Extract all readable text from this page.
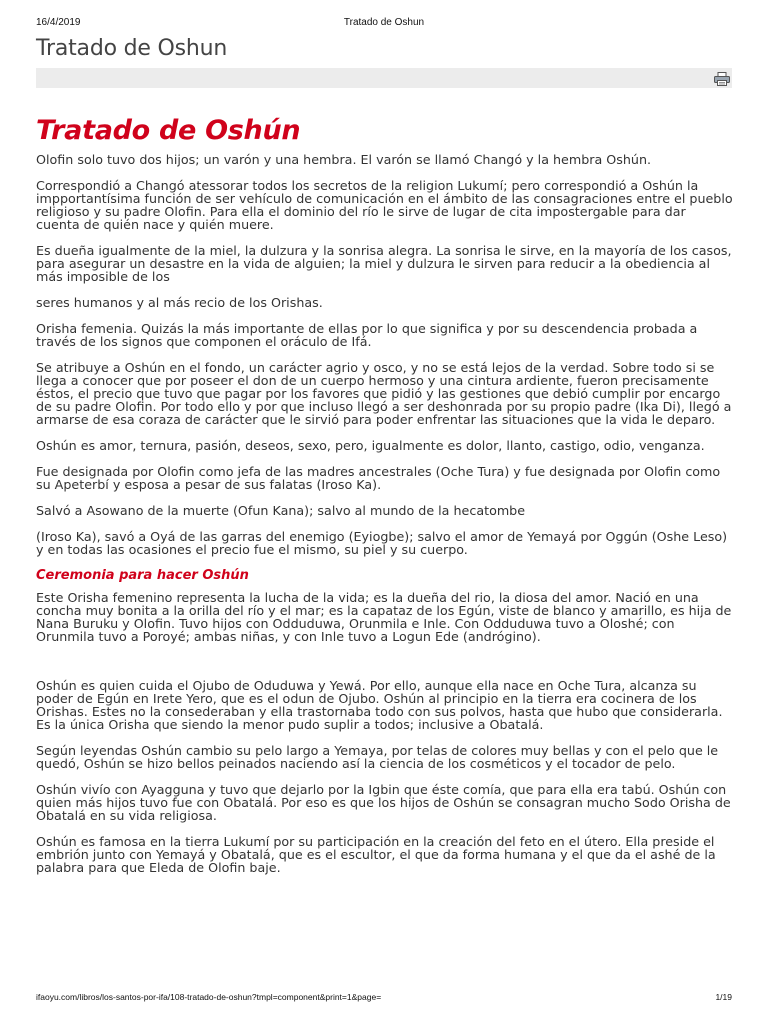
16/4/2019	Tratado de Oshun
Tratado de Oshun
Tratado de Oshún

Olofin solo tuvo dos hijos; un varón y una hembra. El varón se llamó Changó y la hembra Oshún.

Correspondió a Changó atessorar todos los secretos de la religion Lukumí; pero correspondió a Oshún la impportantísima función de ser vehículo de comunicación en el ámbito de las consagraciones entre el pueblo religioso y su padre Olofin. Para ella el dominio del río le sirve de lugar de cita impostergable para dar cuenta de quién nace y quién muere.

Es dueña igualmente de la miel, la dulzura y la sonrisa alegra. La sonrisa le sirve, en la mayoría de los casos, para asegurar un desastre en la vida de alguien; la miel y dulzura le sirven para reducir a la obediencia al más imposible de los

seres humanos y al más recio de los Orishas.

Orisha femenia. Quizás la más importante de ellas por lo que significa y por su descendencia probada a través de los signos que componen el oráculo de Ifá.

Se atribuye a Oshún en el fondo, un carácter agrio y osco, y no se está lejos de la verdad. Sobre todo si se llega a conocer que por poseer el don de un cuerpo hermoso y una cintura ardiente, fueron precisamente éstos, el precio que tuvo que pagar por los favores que pidió y las gestiones que debió cumplir por encargo de su padre Olofin. Por todo ello y por que incluso llegó a ser deshonrada por su propio padre (Ika Di), llegó a armarse de esa coraza de carácter que le sirvió para poder enfrentar las situaciones que la vida le deparo.

Oshún es amor, ternura, pasión, deseos, sexo, pero, igualmente es dolor, llanto, castigo, odio, venganza.

Fue designada por Olofin como jefa de las madres ancestrales (Oche Tura) y fue designada por Olofin como su Apeterbí y esposa a pesar de sus falatas (Iroso Ka).

Salvó a Asowano de la muerte (Ofun Kana); salvo al mundo de la hecatombe

(Iroso Ka), savó a Oyá de las garras del enemigo (Eyiogbe); salvo el amor de Yemayá por Oggún (Oshe Leso) y en todas las ocasiones el precio fue el mismo, su piel y su cuerpo.

Ceremonia para hacer Oshún

Este Orisha femenino representa la lucha de la vida; es la dueña del rio, la diosa del amor. Nació en una concha muy bonita a la orilla del río y el mar; es la capataz de los Egún, viste de blanco y amarillo, es hija de Nana Buruku y Olofin. Tuvo hijos con Odduduwa, Orunmila e Inle. Con Odduduwa tuvo a Oloshé; con Orunmila tuvo a Poroyé; ambas niñas, y con Inle tuvo a Logun Ede (andrógino).

Oshún es quien cuida el Ojubo de Oduduwa y Yewá. Por ello, aunque ella nace en Oche Tura, alcanza su poder de Egún en Irete Yero, que es el odun de Ojubo. Oshún al principio en la tierra era cocinera de los Orishas. Estes no la consederaban y ella trastornaba todo con sus polvos, hasta que hubo que considerarla. Es la única Orisha que siendo la menor pudo suplir a todos; inclusive a Obatalá.

Según leyendas Oshún cambio su pelo largo a Yemaya, por telas de colores muy bellas y con el pelo que le quedó, Oshún se hizo bellos peinados naciendo así la ciencia de los cosméticos y el tocador de pelo.

Oshún vivío con Ayagguna y tuvo que dejarlo por la Igbin que éste comía, que para ella era tabú. Oshún con quien más hijos tuvo fue con Obatalá. Por eso es que los hijos de Oshún se consagran mucho Sodo Orisha de Obatalá en su vida religiosa.

Oshún es famosa en la tierra Lukumí por su participación en la creación del feto en el útero. Ella preside el embrión junto con Yemayá y Obatalá, que es el escultor, el que da forma humana y el que da el ashé de la palabra para que Eleda de Olofin baje.

ifaoyu.com/libros/los-santos-por-ifa/108-tratado-de-oshun?tmpl=component&print=1&page=	1/19
